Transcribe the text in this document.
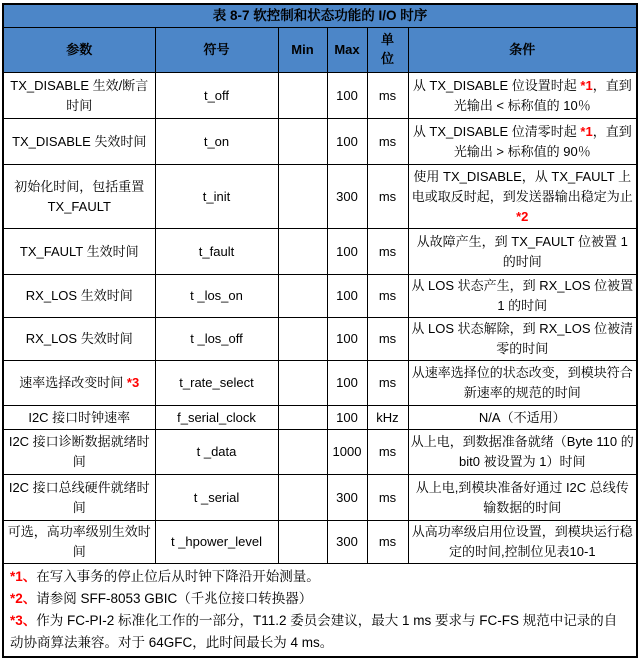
表 8-7 软控制和状态功能的 I/O 时序					
参数	符号	Min	Max	单位	条件
TX_DISABLE 生效/断言时间	t_off		100	ms	从 TX_DISABLE 位设置时起 *1，直到光输出 < 标称值的 10％
TX_DISABLE 失效时间	t_on		100	ms	从 TX_DISABLE 位清零时起 *1，直到光输出 > 标称值的 90％
初始化时间，包括重置 TX_FAULT	t_init		300	ms	使用 TX_DISABLE，从 TX_FAULT 上电或取反时起，到发送器输出稳定为止 *2
TX_FAULT 生效时间	t_fault		100	ms	从故障产生，到 TX_FAULT 位被置 1 的时间
RX_LOS 生效时间	t _los_on		100	ms	从 LOS 状态产生，到 RX_LOS 位被置 1 的时间
RX_LOS 失效时间	t _los_off		100	ms	从 LOS 状态解除，到 RX_LOS 位被清零的时间
速率选择改变时间 *3	t_rate_select		100	ms	从速率选择位的状态改变，到模块符合新速率的规范的时间
I2C 接口时钟速率	f_serial_clock		100	kHz	N/A（不适用）
I2C 接口诊断数据就绪时间	t _data		1000	ms	从上电，到数据准备就绪（Byte 110 的 bit0 被设置为 1）时间
I2C 接口总线硬件就绪时间	t _serial		300	ms	从上电,到模块准备好通过 I2C 总线传输数据的时间
可选，高功率级别生效时间	t _hpower_level		300	ms	从高功率级启用位设置，到模块运行稳定的时间,控制位见表10-1

*1、在写入事务的停止位后从时钟下降沿开始测量。
*2、请参阅 SFF-8053 GBIC（千兆位接口转换器）
*3、作为 FC-PI-2 标准化工作的一部分，T11.2 委员会建议，最大 1 ms 要求与 FC-FS 规范中记录的自动协商算法兼容。对于 64GFC，此时间最长为 4 ms。					
